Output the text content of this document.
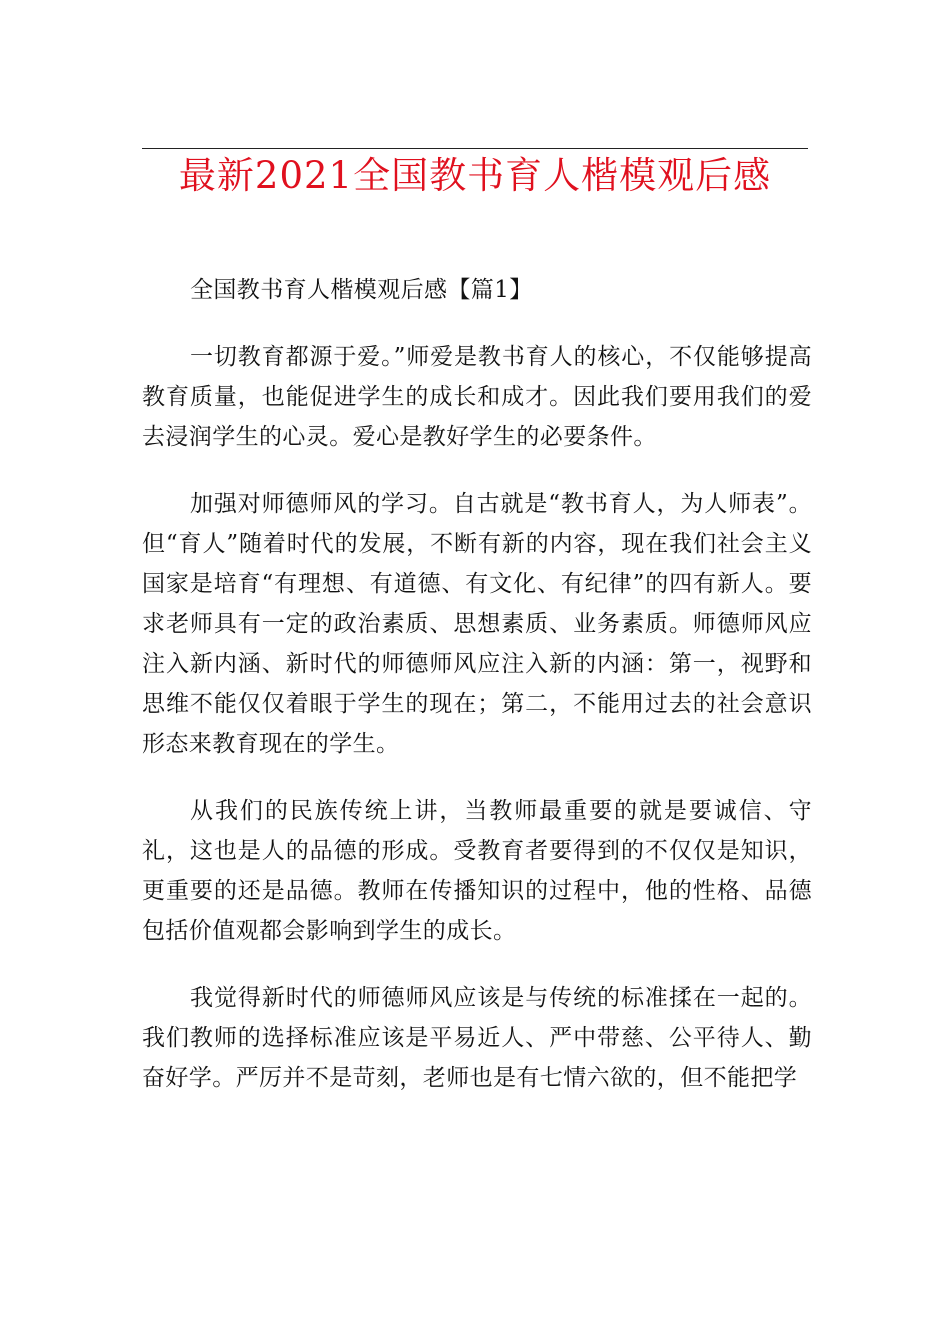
最新2021全国教书育人楷模观后感

全国教书育人楷模观后感【篇1】

一切教育都源于爱。”师爱是教书育人的核心，不仅能够提高教育质量，也能促进学生的成长和成才。因此我们要用我们的爱去浸润学生的心灵。爱心是教好学生的必要条件。

加强对师德师风的学习。自古就是“教书育人，为人师表”。但“育人”随着时代的发展，不断有新的内容，现在我们社会主义国家是培育“有理想、有道德、有文化、有纪律”的四有新人。要求老师具有一定的政治素质、思想素质、业务素质。师德师风应注入新内涵、新时代的师德师风应注入新的内涵：第一，视野和思维不能仅仅着眼于学生的现在；第二，不能用过去的社会意识形态来教育现在的学生。

从我们的民族传统上讲，当教师最重要的就是要诚信、守礼，这也是人的品德的形成。受教育者要得到的不仅仅是知识，更重要的还是品德。教师在传播知识的过程中，他的性格、品德包括价值观都会影响到学生的成长。

我觉得新时代的师德师风应该是与传统的标准揉在一起的。我们教师的选择标准应该是平易近人、严中带慈、公平待人、勤奋好学。严厉并不是苛刻，老师也是有七情六欲的，但不能把学
